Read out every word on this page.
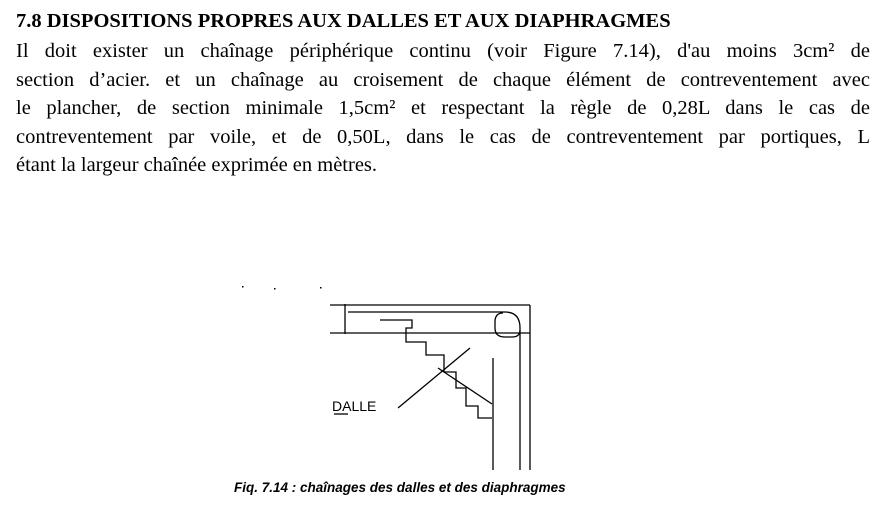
7.8 DISPOSITIONS PROPRES AUX DALLES ET AUX DIAPHRAGMES

Il doit exister un chaînage périphérique continu (voir Figure 7.14), d'au moins 3cm² de
section d’acier. et un chaînage au croisement de chaque élément de contreventement avec
le plancher, de section minimale 1,5cm² et respectant la règle de 0,28L dans le cas de
contreventement par voile, et de 0,50L, dans le cas de contreventement par portiques, L
étant la largeur chaînée exprimée en mètres.

DALLE

Fiq. 7.14 : chaînages des dalles et des diaphragmes
